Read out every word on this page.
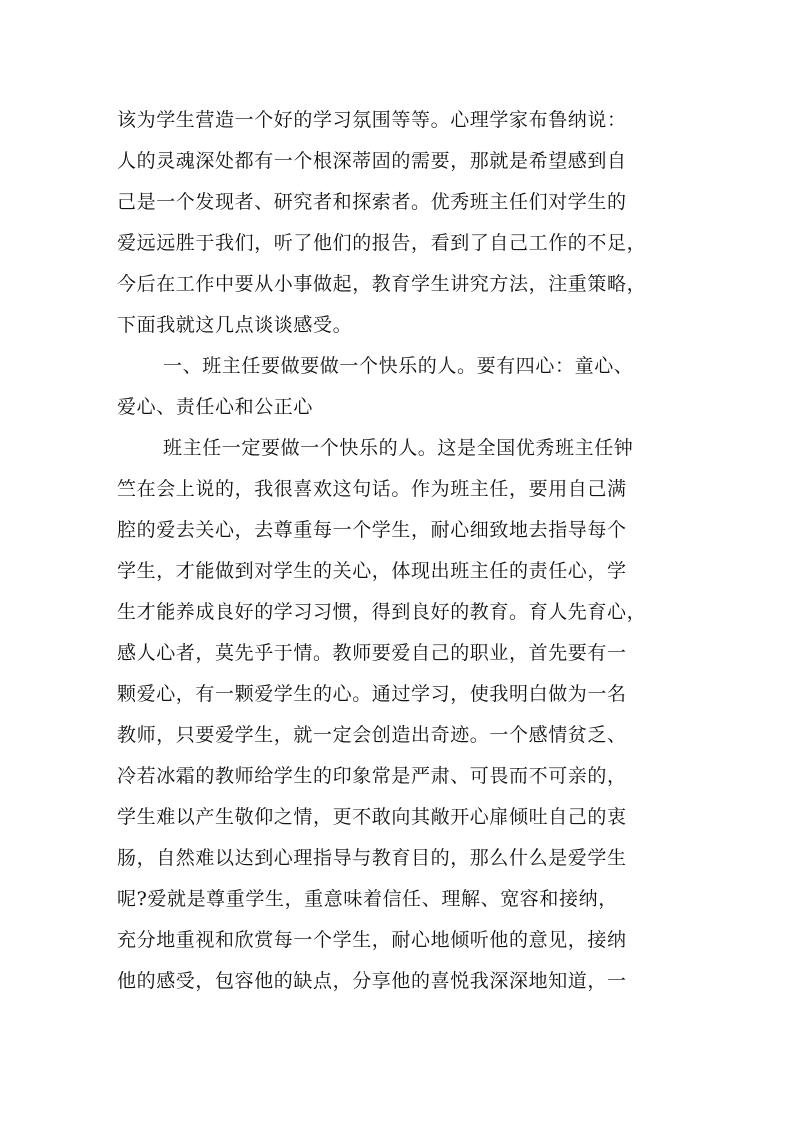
该为学生营造一个好的学习氛围等等。心理学家布鲁纳说：
人的灵魂深处都有一个根深蒂固的需要，那就是希望感到自
己是一个发现者、研究者和探索者。优秀班主任们对学生的
爱远远胜于我们，听了他们的报告，看到了自己工作的不足，
今后在工作中要从小事做起，教育学生讲究方法，注重策略，
下面我就这几点谈谈感受。
一、班主任要做要做一个快乐的人。要有四心：童心、
爱心、责任心和公正心
班主任一定要做一个快乐的人。这是全国优秀班主任钟
竺在会上说的，我很喜欢这句话。作为班主任，要用自己满
腔的爱去关心，去尊重每一个学生，耐心细致地去指导每个
学生，才能做到对学生的关心，体现出班主任的责任心，学
生才能养成良好的学习习惯，得到良好的教育。育人先育心，
感人心者，莫先乎于情。教师要爱自己的职业，首先要有一
颗爱心，有一颗爱学生的心。通过学习，使我明白做为一名
教师，只要爱学生，就一定会创造出奇迹。一个感情贫乏、
冷若冰霜的教师给学生的印象常是严肃、可畏而不可亲的，
学生难以产生敬仰之情，更不敢向其敞开心扉倾吐自己的衷
肠，自然难以达到心理指导与教育目的，那么什么是爱学生
呢?爱就是尊重学生，重意味着信任、理解、宽容和接纳，
充分地重视和欣赏每一个学生，耐心地倾听他的意见，接纳
他的感受，包容他的缺点，分享他的喜悦我深深地知道，一
